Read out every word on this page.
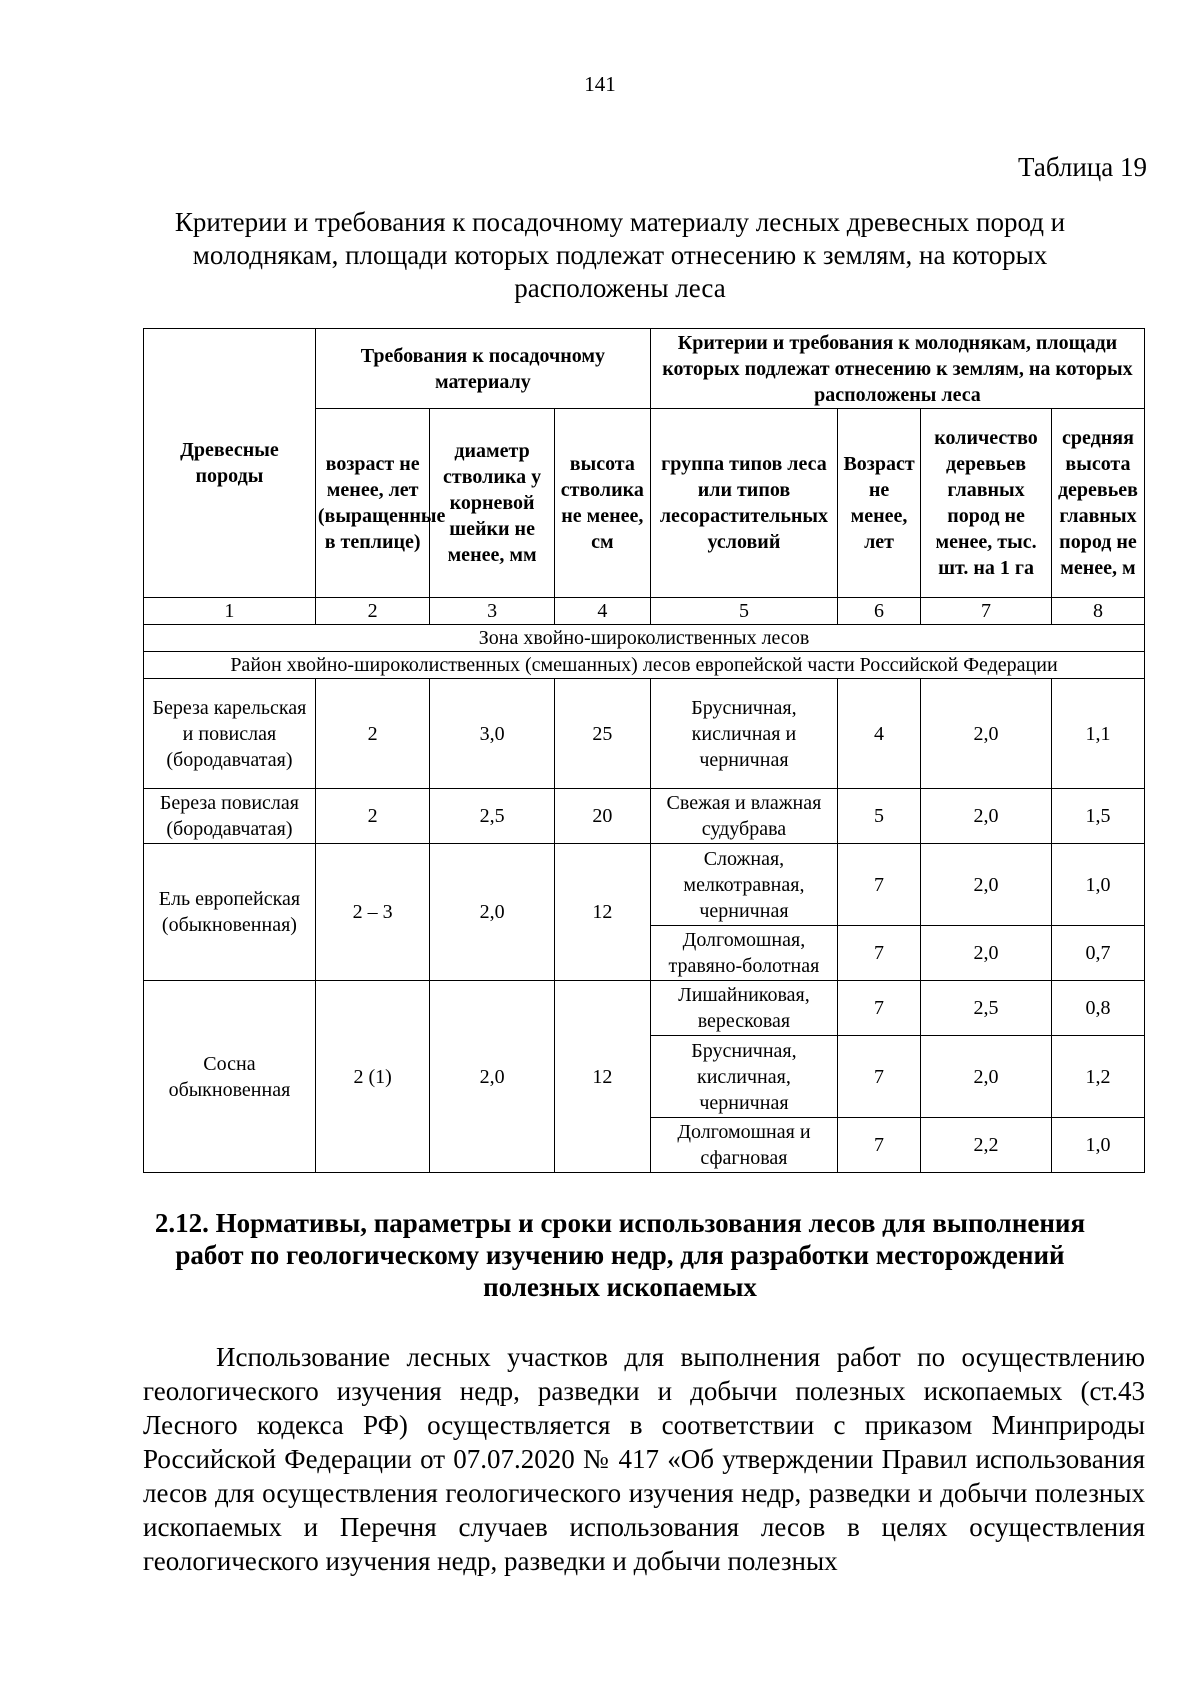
141
Таблица 19
Критерии и требования к посадочному материалу лесных древесных пород и молоднякам, площади которых подлежат отнесению к землям, на которых расположены леса
Древесные породы	Требования к посадочному материалу			Критерии и требования к молоднякам, площади которых подлежат отнесению к землям, на которых расположены леса			
	возраст не менее, лет (выращенные в теплице)	диаметр стволика у корневой шейки не менее, мм	высота стволика не менее, см	группа типов леса или типов лесорастительных условий	Возраст не менее, лет	количество деревьев главных пород не менее, тыс. шт. на 1 га	средняя высота деревьев главных пород не менее, м
1	2	3	4	5	6	7	8
Зона хвойно-широколиственных лесов							
Район хвойно-широколиственных (смешанных) лесов европейской части Российской Федерации							
Береза карельская и повислая (бородавчатая)	2	3,0	25	Брусничная, кисличная и черничная	4	2,0	1,1
Береза повислая (бородавчатая)	2	2,5	20	Свежая и влажная судубрава	5	2,0	1,5
Ель европейская (обыкновенная)	2 – 3	2,0	12	Сложная, мелкотравная, черничная	7	2,0	1,0
				Долгомошная, травяно-болотная	7	2,0	0,7
Сосна обыкновенная	2 (1)	2,0	12	Лишайниковая, вересковая	7	2,5	0,8
				Брусничная, кисличная, черничная	7	2,0	1,2
				Долгомошная и сфагновая	7	2,2	1,0
2.12. Нормативы, параметры и сроки использования лесов для выполнения работ по геологическому изучению недр, для разработки месторождений полезных ископаемых

Использование лесных участков для выполнения работ по осуществлению геологического изучения недр, разведки и добычи полезных ископаемых (ст.43 Лесного кодекса РФ) осуществляется в соответствии с приказом Минприроды Российской Федерации от 07.07.2020 № 417 «Об утверждении Правил использования лесов для осуществления геологического изучения недр, разведки и добычи полезных ископаемых и Перечня случаев использования лесов в целях осуществления геологического изучения недр, разведки и добычи полезных
